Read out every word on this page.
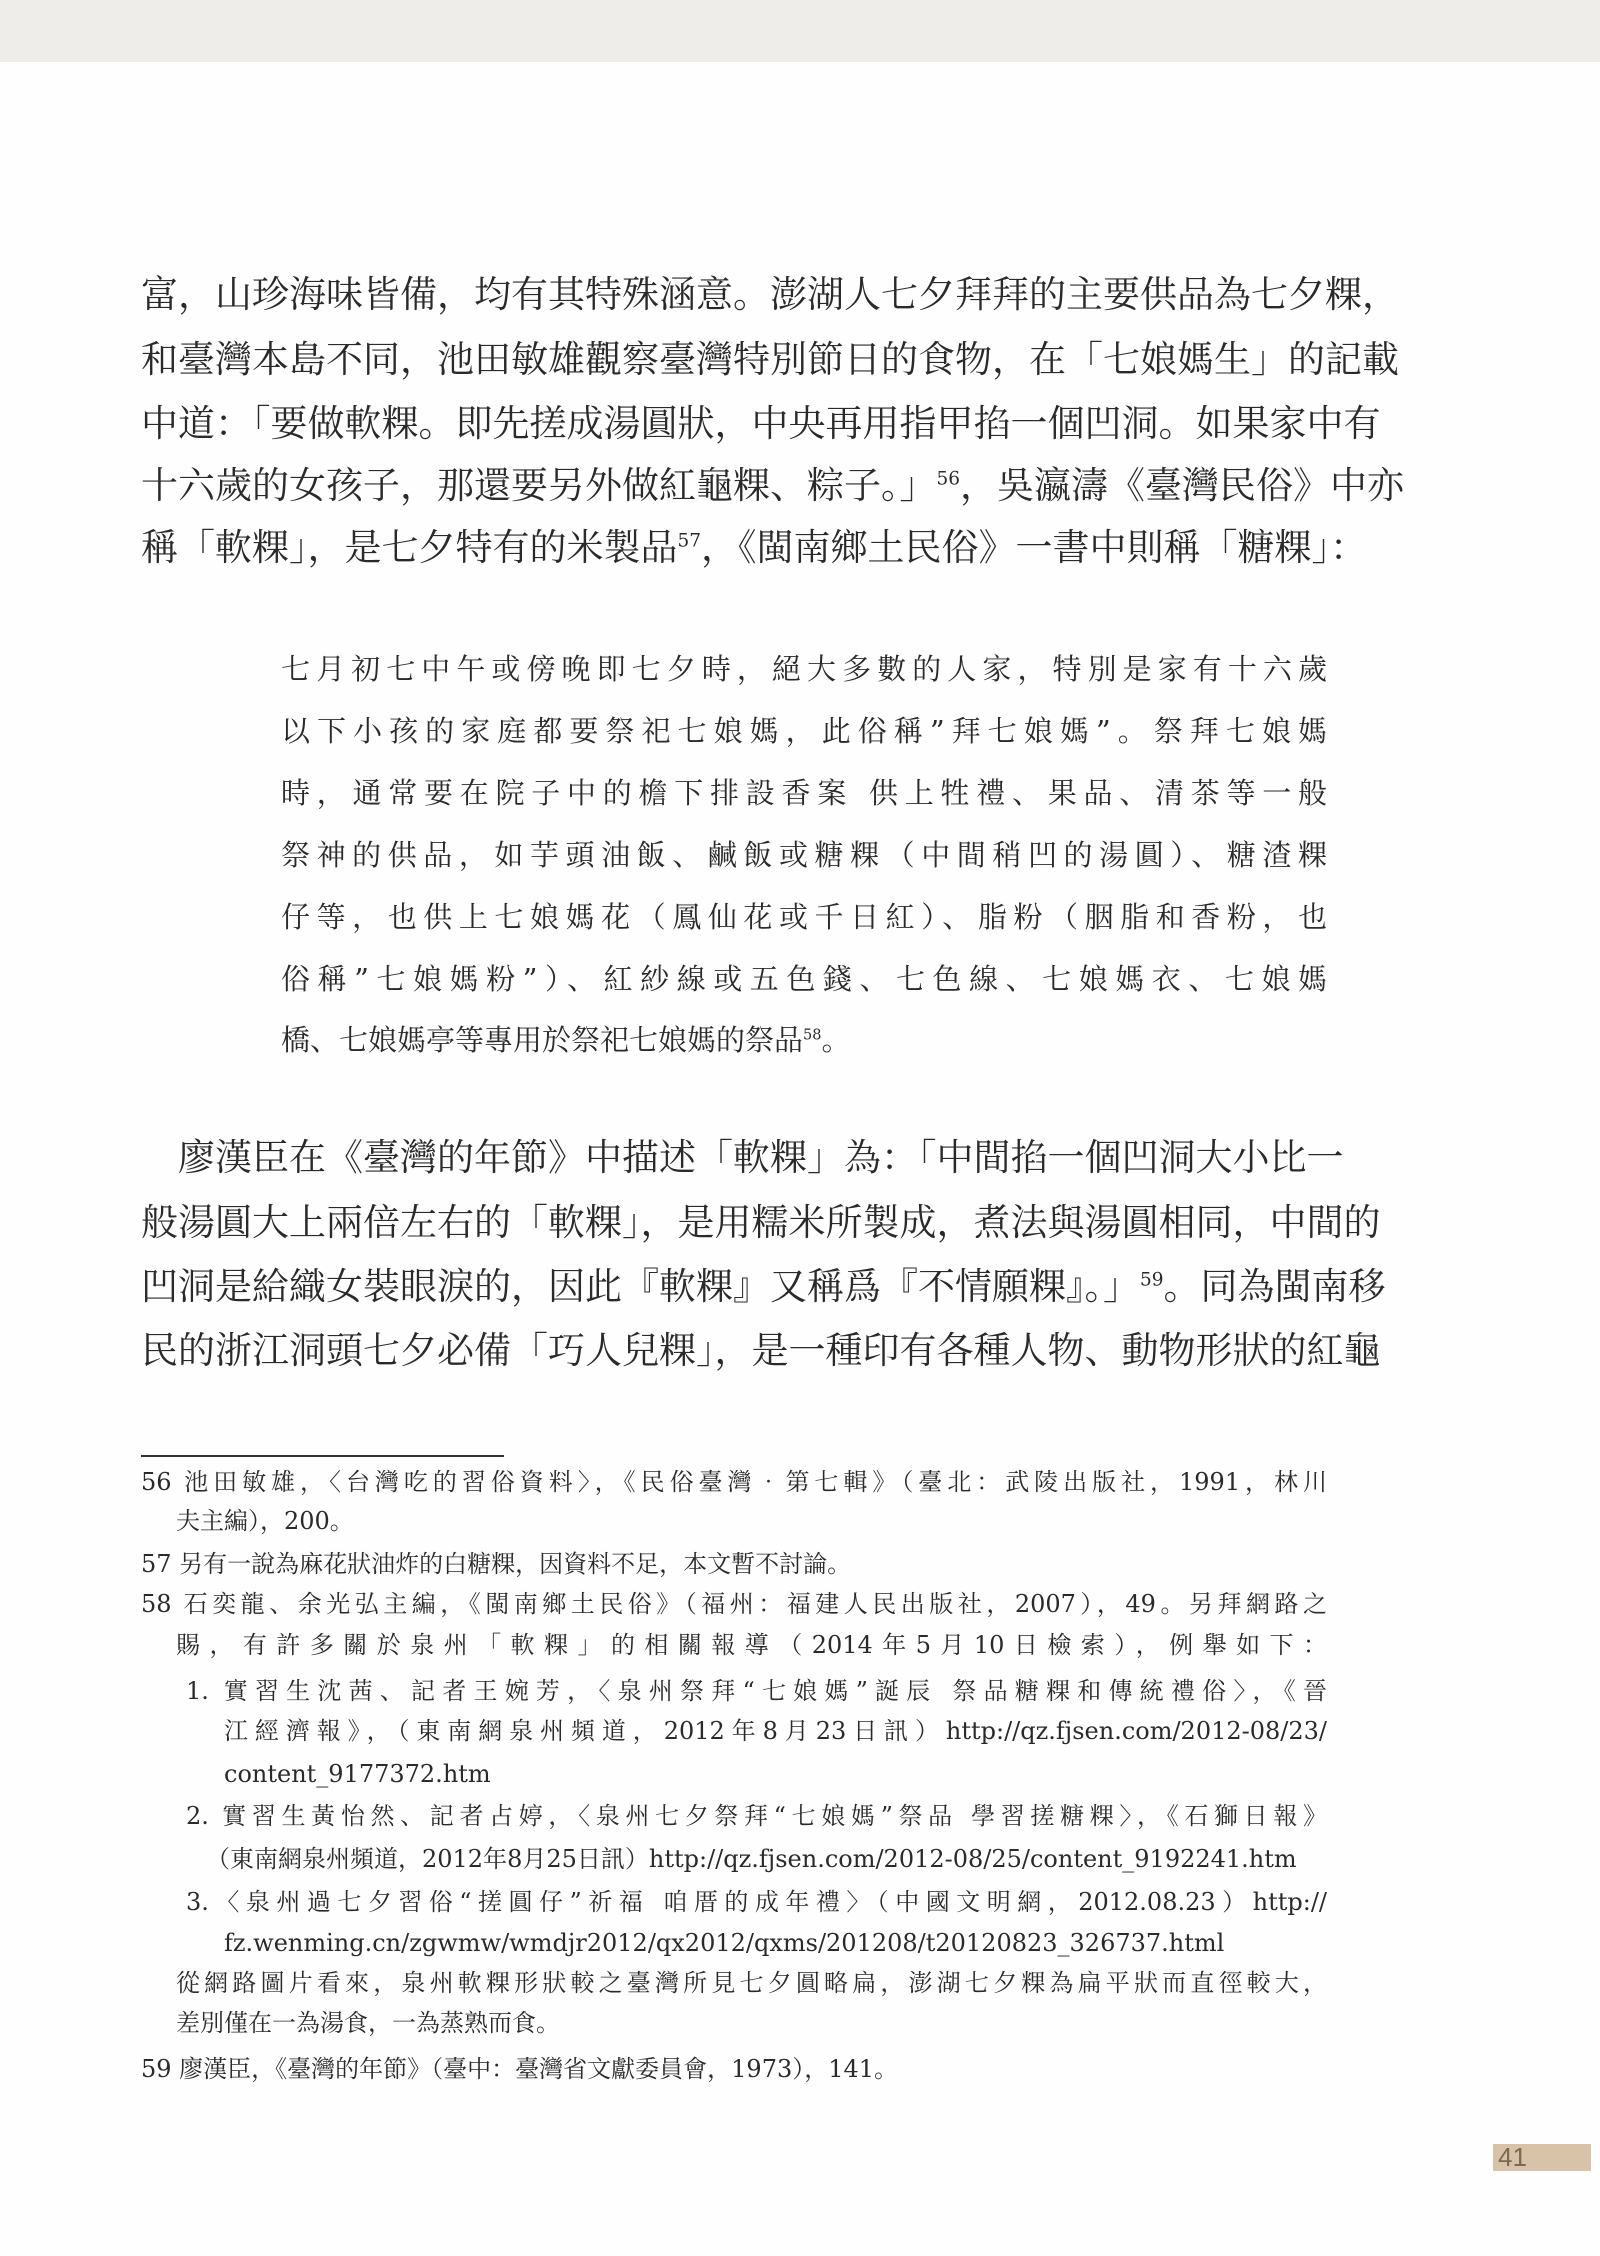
富，山珍海味皆備，均有其特殊涵意。澎湖人七夕拜拜的主要供品為七夕粿，
和臺灣本島不同，池田敏雄觀察臺灣特別節日的食物，在「七娘媽生」的記載
中道：「要做軟粿。即先搓成湯圓狀，中央再用指甲掐一個凹洞。如果家中有
十六歲的女孩子，那還要另外做紅龜粿、粽子。」$^{56}$，吳瀛濤《臺灣民俗》中亦
稱「軟粿」，是七夕特有的米製品$^{57}$，《閩南鄉土民俗》一書中則稱「糖粿」：
七月初七中午或傍晚即七夕時，絕大多數的人家，特別是家有十六歲
以下小孩的家庭都要祭祀七娘媽，此俗稱”拜七娘媽”。祭拜七娘媽
時，通常要在院子中的檐下排設香案 供上牲禮、果品、清茶等一般
祭神的供品，如芋頭油飯、鹹飯或糖粿（中間稍凹的湯圓）、糖渣粿
仔等，也供上七娘媽花（鳳仙花或千日紅）、脂粉（胭脂和香粉，也
俗稱”七娘媽粉”）、紅紗線或五色錢、七色線、七娘媽衣、七娘媽
橋、七娘媽亭等專用於祭祀七娘媽的祭品$^{58}$。
　廖漢臣在《臺灣的年節》中描述「軟粿」為：「中間掐一個凹洞大小比一
般湯圓大上兩倍左右的「軟粿」，是用糯米所製成，煮法與湯圓相同，中間的
凹洞是給織女裝眼淚的，因此『軟粿』又稱爲『不情願粿』。」$^{59}$。同為閩南移
民的浙江洞頭七夕必備「巧人兒粿」，是一種印有各種人物、動物形狀的紅龜
56 池田敏雄，〈台灣吃的習俗資料〉，《民俗臺灣‧第七輯》（臺北：武陵出版社，1991，林川
夫主編），200。
57 另有一說為麻花狀油炸的白糖粿，因資料不足，本文暫不討論。
58 石奕龍、余光弘主編，《閩南鄉土民俗》（福州：福建人民出版社，2007），49。另拜網路之
賜，有許多關於泉州「軟粿」的相關報導（2014年5月10日檢索），例舉如下：
1. 實習生沈茜、記者王婉芳，〈泉州祭拜“七娘媽”誕辰 祭品糖粿和傳統禮俗〉，《晉
江經濟報》，（東南網泉州頻道，2012年8月23日訊）http://qz.fjsen.com/2012-08/23/
content_9177372.htm
2. 實習生黃怡然、記者占婷，〈泉州七夕祭拜“七娘媽”祭品 學習搓糖粿〉，《石獅日報》
（東南網泉州頻道，2012年8月25日訊）http://qz.fjsen.com/2012-08/25/content_9192241.htm
3.〈泉州過七夕習俗“搓圓仔”祈福 咱厝的成年禮〉（中國文明網，2012.08.23）http://
fz.wenming.cn/zgwmw/wmdjr2012/qx2012/qxms/201208/t20120823_326737.html
從網路圖片看來，泉州軟粿形狀較之臺灣所見七夕圓略扁，澎湖七夕粿為扁平狀而直徑較大，
差別僅在一為湯食，一為蒸熟而食。
59 廖漢臣，《臺灣的年節》（臺中：臺灣省文獻委員會，1973），141。
41
